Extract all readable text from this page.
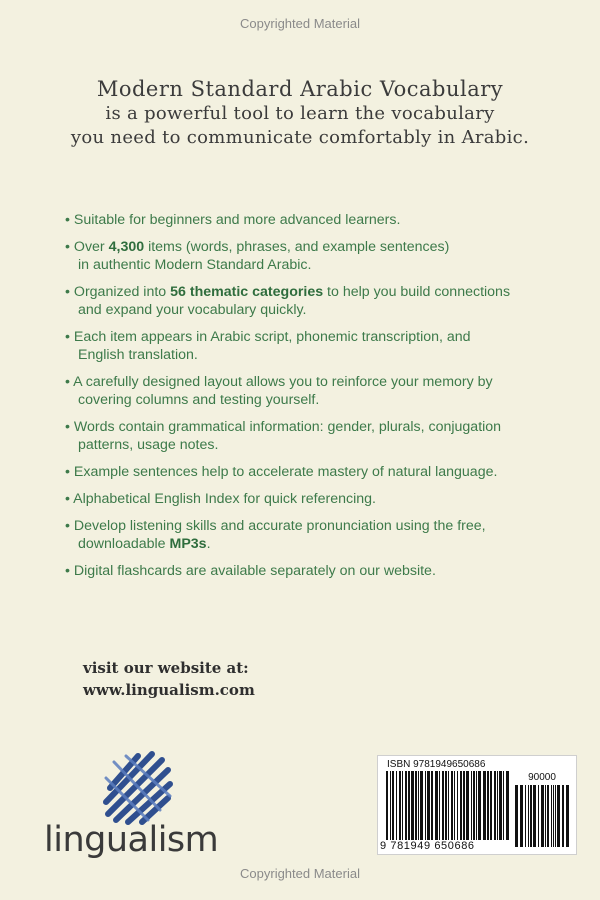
Copyrighted Material
Modern Standard Arabic Vocabulary
is a powerful tool to learn the vocabulary
you need to communicate comfortably in Arabic.
• Suitable for beginners and more advanced learners.
• Over 4,300 items (words, phrases, and example sentences)
in authentic Modern Standard Arabic.
• Organized into 56 thematic categories to help you build connections
and expand your vocabulary quickly.
• Each item appears in Arabic script, phonemic transcription, and
English translation.
• A carefully designed layout allows you to reinforce your memory by
covering columns and testing yourself.
• Words contain grammatical information: gender, plurals, conjugation
patterns, usage notes.
• Example sentences help to accelerate mastery of natural language.
• Alphabetical English Index for quick referencing.
• Develop listening skills and accurate pronunciation using the free,
downloadable MP3s.
• Digital flashcards are available separately on our website.
visit our website at:
www.lingualism.com
lingualism
ISBN 9781949650686
90000
9 781949 650686
Copyrighted Material
